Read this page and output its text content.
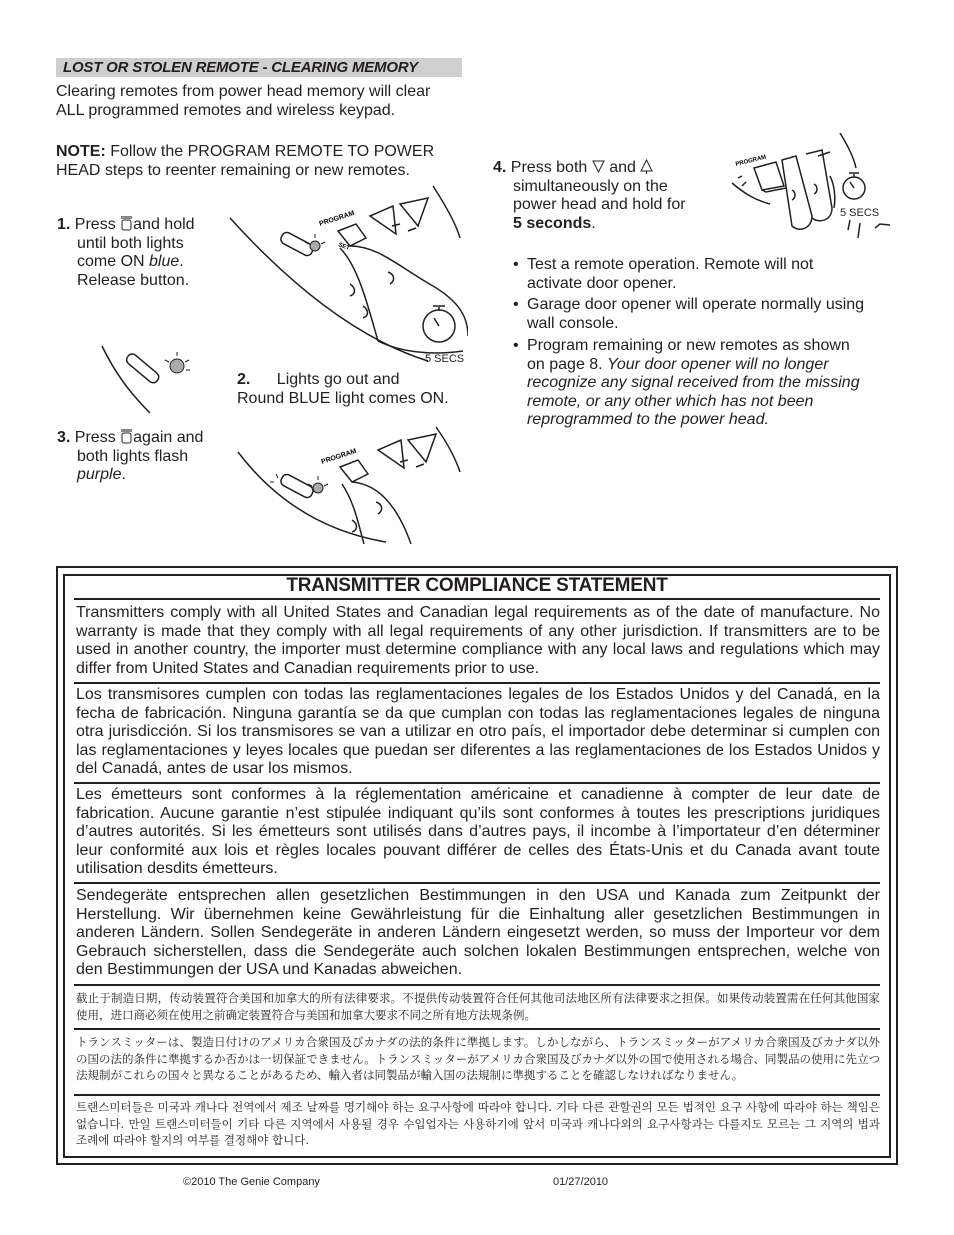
LOST OR STOLEN REMOTE - CLEARING MEMORY
Clearing remotes from power head memory will clear ALL programmed remotes and wireless keypad.
NOTE: Follow the PROGRAM REMOTE TO POWER HEAD steps to reenter remaining or new remotes.
1. Press and hold
until both lights
come ON blue.
Release button.
PROGRAM
SET
5 SECS
2. Lights go out and
Round BLUE light comes ON.
3. Press again and
both lights flash
purple.
PROGRAM
4. Press both and
simultaneously on the
power head and hold for
5 seconds.
PROGRAM
5 SECS
• Test a remote operation. Remote will not
activate door opener.
• Garage door opener will operate normally using
wall console.
• Program remaining or new remotes as shown
on page 8. Your door opener will no longer
recognize any signal received from the missing
remote, or any other which has not been
reprogrammed to the power head.
TRANSMITTER COMPLIANCE STATEMENT
Transmitters comply with all United States and Canadian legal requirements as of the date of manufacture. No warranty is made that they comply with all legal requirements of any other jurisdiction. If transmitters are to be used in another country, the importer must determine compliance with any local laws and regulations which may differ from United States and Canadian requirements prior to use.
Los transmisores cumplen con todas las reglamentaciones legales de los Estados Unidos y del Canadá, en la fecha de fabricación. Ninguna garantía se da que cumplan con todas las reglamentaciones legales de ninguna otra jurisdicción. Si los transmisores se van a utilizar en otro país, el importador debe determinar si cumplen con las reglamentaciones y leyes locales que puedan ser diferentes a las reglamentaciones de los Estados Unidos y del Canadá, antes de usar los mismos.
Les émetteurs sont conformes à la réglementation américaine et canadienne à compter de leur date de fabrication. Aucune garantie n’est stipulée indiquant qu’ils sont conformes à toutes les prescriptions juridiques d’autres autorités. Si les émetteurs sont utilisés dans d’autres pays, il incombe à l’importateur d’en déterminer leur conformité aux lois et règles locales pouvant différer de celles des États-Unis et du Canada avant toute utilisation desdits émetteurs.
Sendegeräte entsprechen allen gesetzlichen Bestimmungen in den USA und Kanada zum Zeitpunkt der Herstellung. Wir übernehmen keine Gewährleistung für die Einhaltung aller gesetzlichen Bestimmungen in anderen Ländern. Sollen Sendegeräte in anderen Ländern eingesetzt werden, so muss der Importeur vor dem Gebrauch sicherstellen, dass die Sendegeräte auch solchen lokalen Bestimmungen entsprechen, welche von den Bestimmungen der USA und Kanadas abweichen.
截止于制造日期，传动装置符合美国和加拿大的所有法律要求。不提供传动装置符合任何其他司法地区所有法律要求之担保。如果传动装置需在任何其他国家使用，进口商必须在使用之前确定装置符合与美国和加拿大要求不同之所有地方法规条例。
トランスミッターは、製造日付けのアメリカ合衆国及びカナダの法的条件に準拠します。しかしながら、トランスミッターがアメリカ合衆国及びカナダ以外の国の法的条件に準拠するか否かは一切保証できません。トランスミッターがアメリカ合衆国及びカナダ以外の国で使用される場合、同製品の使用に先立つ法規制がこれらの国々と異なることがあるため、輸入者は同製品が輸入国の法規制に準拠することを確認しなければなりません。
트랜스미터들은 미국과 캐나다 전역에서 제조 날짜를 명기해야 하는 요구사항에 따라야 합니다. 기타 다른 관할권의 모든 법적인 요구 사항에 따라야 하는 책임은 없습니다. 만일 트랜스미터들이 기타 다른 지역에서 사용될 경우 수입업자는 사용하기에 앞서 미국과 캐나다외의 요구사항과는 다를지도 모르는 그 지역의 법과 조례에 따라야 할지의 여부를 결정해야 합니다.
©2010 The Genie Company	01/27/2010
